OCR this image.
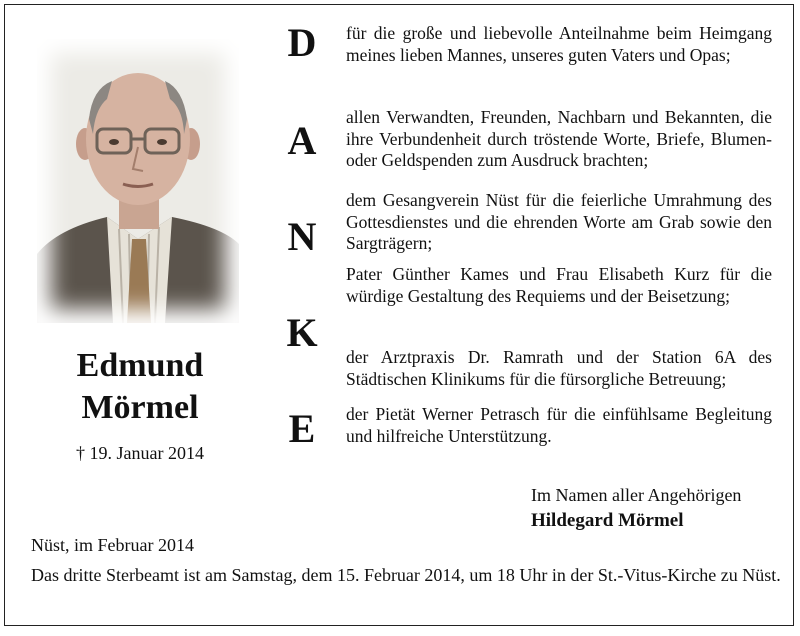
Edmund
Mörmel
† 19. Januar 2014
D
A
N
K
E
für die große und liebevolle Anteilnahme beim Heimgang meines lieben Mannes, unseres guten Vaters und Opas;
allen Verwandten, Freunden, Nachbarn und Bekannten, die ihre Verbundenheit durch tröstende Worte, Briefe, Blumen- oder Geldspenden zum Ausdruck brachten;
dem Gesangverein Nüst für die feierliche Umrahmung des Gottesdienstes und die ehrenden Worte am Grab sowie den Sargträgern;
Pater Günther Kames und Frau Elisabeth Kurz für die würdige Gestaltung des Requiems und der Beisetzung;
der Arztpraxis Dr. Ramrath und der Station 6A des Städtischen Klinikums für die fürsorgliche Betreuung;
der Pietät Werner Petrasch für die einfühlsame Begleitung und hilfreiche Unterstützung.
Im Namen aller Angehörigen
Hildegard Mörmel
Nüst, im Februar 2014
Das dritte Sterbeamt ist am Samstag, dem 15. Februar 2014, um 18 Uhr in der St.-Vitus-Kirche zu Nüst.
